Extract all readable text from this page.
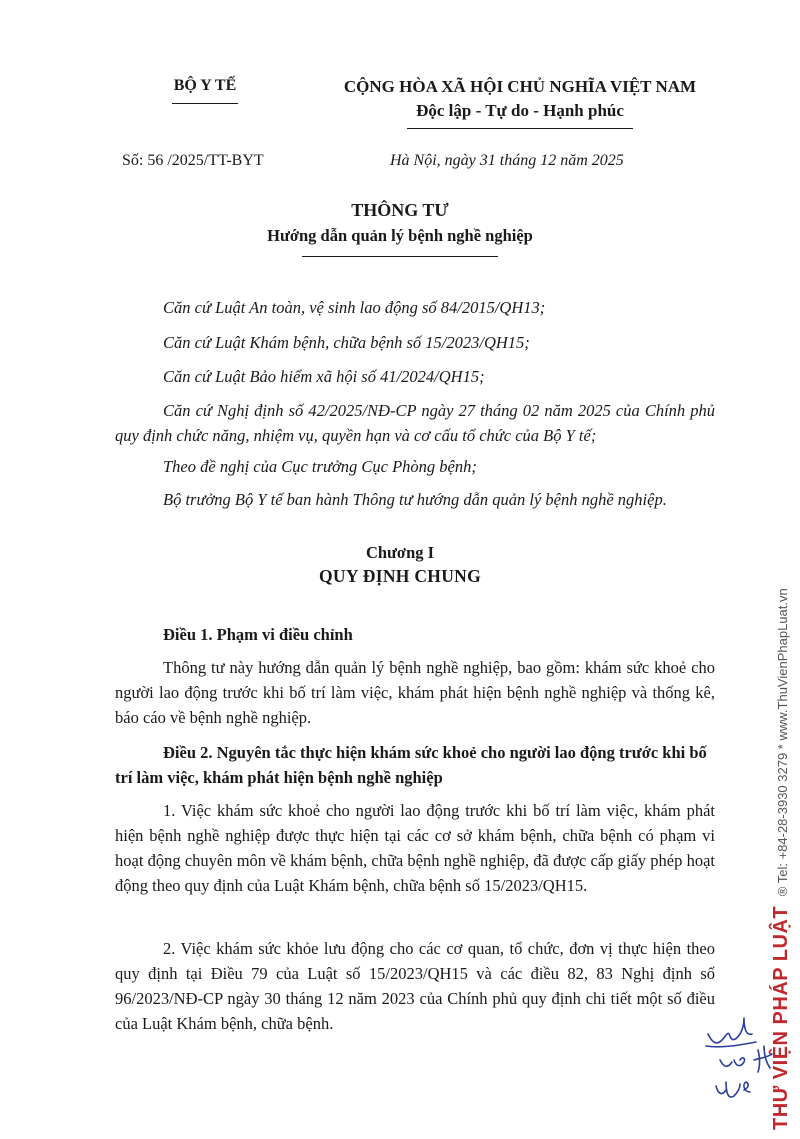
BỘ Y TẾ	CỘNG HÒA XÃ HỘI CHỦ NGHĨA VIỆT NAM
Độc lập - Tự do - Hạnh phúc
Số: 56 /2025/TT-BYT	Hà Nội, ngày 31 tháng 12 năm 2025
THÔNG TƯ
Hướng dẫn quản lý bệnh nghề nghiệp
Căn cứ Luật An toàn, vệ sinh lao động số 84/2015/QH13;
Căn cứ Luật Khám bệnh, chữa bệnh số 15/2023/QH15;
Căn cứ Luật Bảo hiểm xã hội số 41/2024/QH15;
Căn cứ Nghị định số 42/2025/NĐ-CP ngày 27 tháng 02 năm 2025 của Chính phủ quy định chức năng, nhiệm vụ, quyền hạn và cơ cấu tổ chức của Bộ Y tế;
Theo đề nghị của Cục trưởng Cục Phòng bệnh;
Bộ trưởng Bộ Y tế ban hành Thông tư hướng dẫn quản lý bệnh nghề nghiệp.
Chương I
QUY ĐỊNH CHUNG
Điều 1. Phạm vi điều chỉnh
Thông tư này hướng dẫn quản lý bệnh nghề nghiệp, bao gồm: khám sức khoẻ cho người lao động trước khi bố trí làm việc, khám phát hiện bệnh nghề nghiệp và thống kê, báo cáo về bệnh nghề nghiệp.
Điều 2. Nguyên tắc thực hiện khám sức khoẻ cho người lao động trước khi bố trí làm việc, khám phát hiện bệnh nghề nghiệp
1. Việc khám sức khoẻ cho người lao động trước khi bố trí làm việc, khám phát hiện bệnh nghề nghiệp được thực hiện tại các cơ sở khám bệnh, chữa bệnh có phạm vi hoạt động chuyên môn về khám bệnh, chữa bệnh nghề nghiệp, đã được cấp giấy phép hoạt động theo quy định của Luật Khám bệnh, chữa bệnh số 15/2023/QH15.
2. Việc khám sức khỏe lưu động cho các cơ quan, tổ chức, đơn vị thực hiện theo quy định tại Điều 79 của Luật số 15/2023/QH15 và các điều 82, 83 Nghị định số 96/2023/NĐ-CP ngày 30 tháng 12 năm 2023 của Chính phủ quy định chi tiết một số điều của Luật Khám bệnh, chữa bệnh.	THƯ VIỆN PHÁP LUẬT ® Tel: +84-28-3930 3279 * www.ThuVienPhapLuat.vn
